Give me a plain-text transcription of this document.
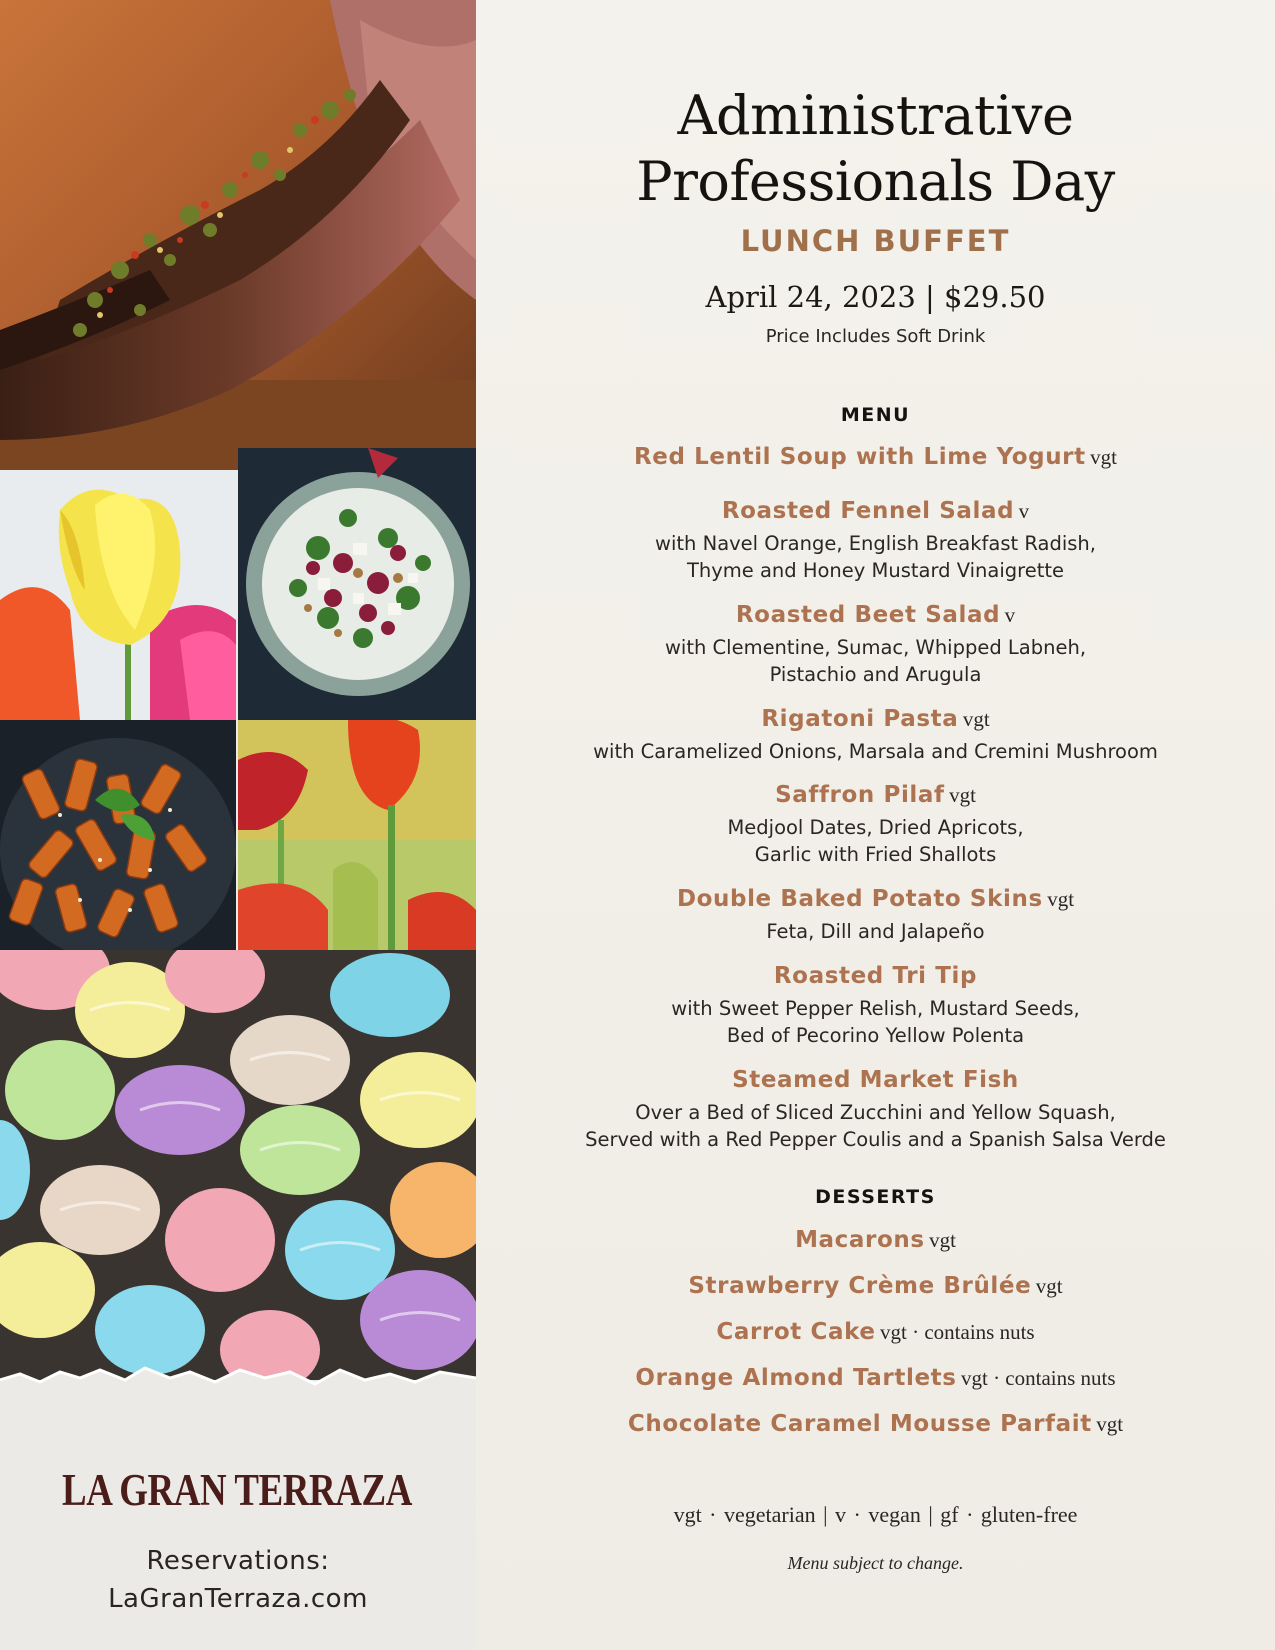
LA GRAN TERRAZA
Reservations:
LaGranTerraza.com
Administrative
Professionals Day
LUNCH BUFFET
April 24, 2023 | $29.50
Price Includes Soft Drink
MENU
Red Lentil Soup with Lime Yogurt vgt
Roasted Fennel Salad v
with Navel Orange, English Breakfast Radish,
Thyme and Honey Mustard Vinaigrette
Roasted Beet Salad v
with Clementine, Sumac, Whipped Labneh,
Pistachio and Arugula
Rigatoni Pasta vgt
with Caramelized Onions, Marsala and Cremini Mushroom
Saffron Pilaf vgt
Medjool Dates, Dried Apricots,
Garlic with Fried Shallots
Double Baked Potato Skins vgt
Feta, Dill and Jalapeño
Roasted Tri Tip
with Sweet Pepper Relish, Mustard Seeds,
Bed of Pecorino Yellow Polenta
Steamed Market Fish
Over a Bed of Sliced Zucchini and Yellow Squash,
Served with a Red Pepper Coulis and a Spanish Salsa Verde
DESSERTS
Macarons vgt
Strawberry Crème Brûlée vgt
Carrot Cake vgt · contains nuts
Orange Almond Tartlets vgt · contains nuts
Chocolate Caramel Mousse Parfait vgt
vgt · vegetarian | v · vegan | gf · gluten-free
Menu subject to change.
